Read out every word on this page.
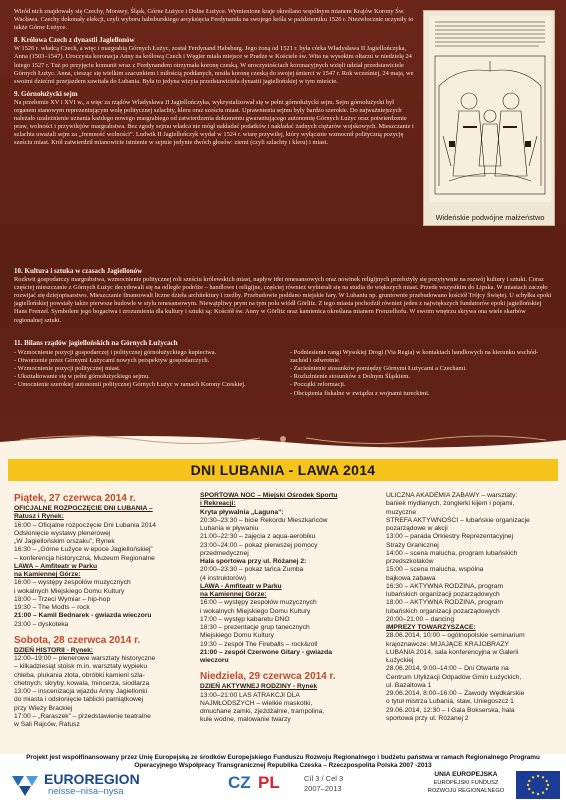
Wiród nich znajdowały się Czechy, Morawy, Śląsk, Górne Łużyce i Dolne Łużyce. Wymienione kraje określano wspólnym mianem Krajów Korony Św. Wacława. Czechy dokonały elekcji, czyli wyboru habsburskiego arcyksięcia Ferdynanda na swojego króla w październiku 1526 r. Niezwłocznie uczyniły to także Górne Łużyce.

8. Królowa Czech z dynastii Jagiellonów

W 1526 r. władcą Czech, a więc i margrabią Górnych Łużyc, został Ferdynand Habsburg. Jego żoną od 1521 r. była córka Władysława II Jagiellończyka, Anna (1503–1547). Uroczysta koronacja Anny na królową Czech i Węgier miała miejsce w Pradze w Kościele św. Wita na wysokim ołtarzu w niedzielę 24 lutego 1527 r. Tuż po przyjęciu komunii wraz z Ferdynandem otrzymała koronę czeską. W uroczystościach koronacyjnych wzięli udział przedstawiciele Górnych Łużyc. Anna, ciesząc się wielkim szacunkiem i miłością poddanych, nosiła koronę czeską do swojej śmierci w 1547 r. Rok wcześniej, 24 maja, we swoimi dziećmi przejazdem zawitała do Lubania. Była to jedyna wizyta przedstawiciela dynastii jagiellońskiej w tym mieście.

9. Górnołużycki sejm

Na przełomie XV i XVI w., a więc za rządów Władysława II Jagiellończyka, wykrystalizował się w pełni górnołużycki sejm. Sejm górnołużycki był organem stanowym reprezentującym wolę politycznej szlachty, kleru oraz sześciu miast. Uprawnienia sejmu były bardzo szerokie. Do najważniejszych należało uzależnienie uznania każdego nowego margrabiego od zatwierdzenia dokumentu gwarantującego autonomię Górnych Łużyc oraz potwierdzenie praw, wolności i przywilejów margrabstwa. Bez zgody sejmu władca nie mógł nakładać podatków i nakładać żadnych ciężarów wojskowych. Mieszczanie i szlachta uważali sejm za „fremność wolności”. Ludwik II Jagiellończyk wydał w 1524 r. wiarę przywilej, który wyłącznie wzmocnił polityczną pozycję sześciu miast. Król zatwierdził mianowicie istnienie w sejmie jedynie dwóch głosów: ziemi (czyli szlachty i kleru) i miast.

Wideńskie podwójne małżeństwo
10. Kultura i sztuka w czasach Jagiellonów

Rozkwit gospodarczy margrabstwa, wzmocnienie politycznej roli sześciu królewskich miast, napływ idei renesansowych oraz nowinek religijnych przełożyły się pozytywnie na rozwój kultury i sztuki. Coraz częściej mieszczanie z Górnych Łużyc decydowali się na odległe podróże – handlowe i religijne, częściej również wybierali się na studia do większych miast. Przede wszystkim do Lipska. W miastach zaczęło rozwijać się dziejopisarstwo. Mieszczanie finansowali liczne dzieła architektury i rzeźby. Przebudowie poddano miejskie fary. W Lubaniu np. gruntownie przebudowano kościół Trójcy Świętej. U schyłku epoki jagiellońskiej powstały także pierwsze budowle w stylu renesansowym. Niewątpliwy prym na tym polu wiódł Görlitz. Z tego miasta pochodził również jeden z największych fundatorów epoki jagiellońskiej Hans Frenzel. Symbolem jego bogactwa i zrozumienia dla kultury i sztuki są: Kościół św. Anny w Görlitz oraz kamienica określana mianem Frenzelhofu. W swoim wnętrzu skrywa ona wiele skarbów regionalnej sztuki.

11. Bilans rządów jagiellońskich na Górnych Łużycach
- Wzmocnienie pozycji gospodarczej i politycznej górnołużyckiego kupiectwa.
- Otworzenie przez Górnymi Łużycami nowych perspektyw gospodarczych.
- Wzmocnienie pozycji politycznej miast.
- Ukształtowanie się w pełni górnołużyckiego sejmu.
- Umocnienie szerokiej autonomii politycznej Górnych Łużyc w ramach Korony Czeskiej.
- Podniesienie rangi Wysokiej Drogi (Via Regia) w kontaktach handlowych na kierunku wschód-zachód i odwrotnie.
- Zacieśnienie stosunków pomiędzy Górnymi Łużycami a Czechami.
- Rozluźnienie stosunków z Dolnym Śląskiem.
- Początki reformacji.
- Obciążenia fiskalne w związku z wojnami tureckimi.
DNI LUBANIA - LAWA 2014
Piątek, 27 czerwca 2014 r.
OFICJALNE ROZPOCZĘCIE DNI LUBANIA –
Ratusz i Rynek:
16:00 – Oficjalne rozpoczęcie Dni Lubania 2014
Odsłonięcie wystawy plenerowej
„W Jagiellońskim orszaku”, Rynek
16:30 – „Górne Łużyce w epoce Jagiellońskiej”
– konferencja historyczna, Muzeum Regionalne
LAWA – Amfiteatr w Parku
na Kamiennej Górze:
16:00 – występy zespołów muzycznych
i wokalnych Miejskiego Domu Kultury
18:00 – Trzeci Wymiar – hip-hop
19:30 – The Modts – rock
21:00 – Kamil Bednarek - gwiazda wieczoru
23:00 – dyskoteka
Sobota, 28 czerwca 2014 r.
DZIEŃ HISTORII - Rynek:
12:00–19:00 – plenerowe warsztaty historyczne
– kilkadziesiąt stoisk m.in. warsztaty wypieku
chleba, plukania złota, obróbki kamieni szla-
chetnych, skryby, kowala, mincerza, siodlarza
13:00 – inscenizacja wjazdu Anny Jagiellonki
do miasta i odsłonięcie tablicki pamiątkowej
przy Wieży Brackiej
17:00 – „Raraszek” – przedstawienie teatralne
w Sali Rajców, Ratusz
SPORTOWA NOC – Miejski Ośrodek Sportu
i Rekreacji:
Kryta pływalnia „Laguna”:
20:30–23:30 – bicie Rekordu Mieszkańców
Lubania w pływaniu
21:00–22:30 – zajęcia z aqua-aerobiku
23:00–24:00 – pokaz pierwszej pomocy
przedmedycznej
Hala sportowa przy ul. Różanej 2:
20:00–23:30 – pokaz tańca Zumba
(4 instruktorów)
LAWA - Amfiteatr w Parku
na Kamiennej Górze:
16:00 – występy zespołów muzycznych
i wokalnych Miejskiego Domu Kultury
17:00 – wystęр kabaretu DNO
18:30 – prezentacje grup tanecznych
Miejskiego Domu Kultury
19:30 – zespół The Fireballs – rock&roll
21:00 – zespół Czerwone Gitary - gwiazda
wieczoru
Niedziela, 29 czerwca 2014 r.
DZIEŃ AKTYWNEJ RODZINY - Rynek
13:00–21:00 LAS ATRAKCJI DLA
NAJMŁODSZYCH – wielkie maskotki,
dmuchane zamki, zjeżdżalnie, trampolina,
kule wodne, malowanie twarzy
ULICZNA AKADEMIA ZABAWY – warsztaty:
baniek mydlanych, żonglerki kijem i pojami,
muzyczne
STREFA AKTYWNOŚCI – lubańskie organizacje
pozarządowe w akcji
13:00 – parada Orkiestry Reprezentacyjnej
Straży Granicznej
14:00 – scena malucha, program lubańskich
przedszkolaków
15:00 – scena malucha, wspólna
bajkowa zabawa
16:30 – AKTYWNA RODZINA, program
lubańskich organizacji pozarządowych
18:00 – AKTYWNA RODZINA, program
lubańskich organizacji pozarządowych
20:00–21:00 – dancing
IMPREZY TOWARZYSZĄCE:
28.06.2014, 10:00 – ogólnopolskie seminarium
krajoznawcze: MIJAJĄCE KRAJOBRAZY
LUBANIA 2014, sala konferencyjna w Galerii
Łużyckiej
28.06.2014, 9:00–14:00 – Dni Otwarte na
Centrum Utylizacji Odpadów Gmin Łużyckich,
ul. Bazaltowa 1
29.06.2014, 8:00–16:00 – Zawody Wędkarskie
o tytuł mistrza Lubania, staw, Uniegoszcz 1
29.06.2014, 12:30 – I Gala Bokserska, hala
sportowa przy ul. Różanej 2
Projekt jest współfinansowany przez Unię Europejską ze środków Europejskiego Funduszu Rozwoju Regionalnego i budżetu państwa w ramach Regionalnego Programu Operacyjnego Współpracy Transgranicznej Republika Czeska – Rzeczpospolita Polska 2007 -2013
EUROREGION
neisse–nisa–nysa	CZ PL	Cíl 3 / Cel 3
2007–2013
UNIA EUROPEJSKA
EUROPEJSKI FUNDUSZ
ROZWOJU REGIONALNEGO
